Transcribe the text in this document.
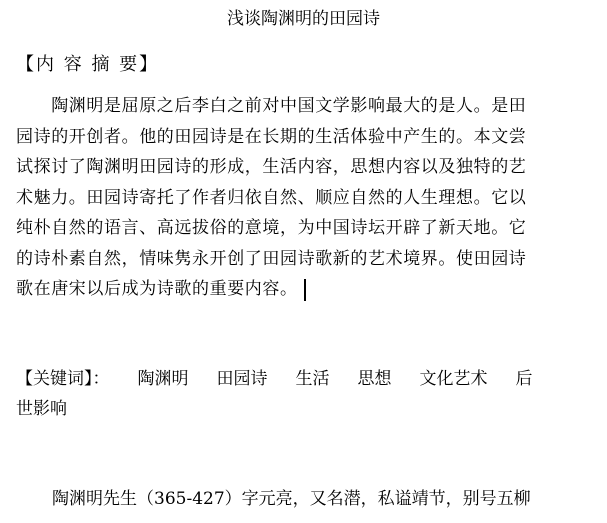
浅谈陶渊明的田园诗
【内 容 摘 要】
　　陶渊明是屈原之后李白之前对中国文学影响最大的是人。是田
园诗的开创者。他的田园诗是在长期的生活体验中产生的。本文尝
试探讨了陶渊明田园诗的形成，生活内容，思想内容以及独特的艺
术魅力。田园诗寄托了作者归依自然、顺应自然的人生理想。它以
纯朴自然的语言、高远拔俗的意境，为中国诗坛开辟了新天地。它
的诗朴素自然，情味隽永开创了田园诗歌新的艺术境界。使田园诗
歌在唐宋以后成为诗歌的重要内容。
【关键词】： 陶渊明 田园诗 生活 思想 文化艺术 后
世影响
陶渊明先生（365-427）字元亮，又名潜，私谥靖节，别号五柳
